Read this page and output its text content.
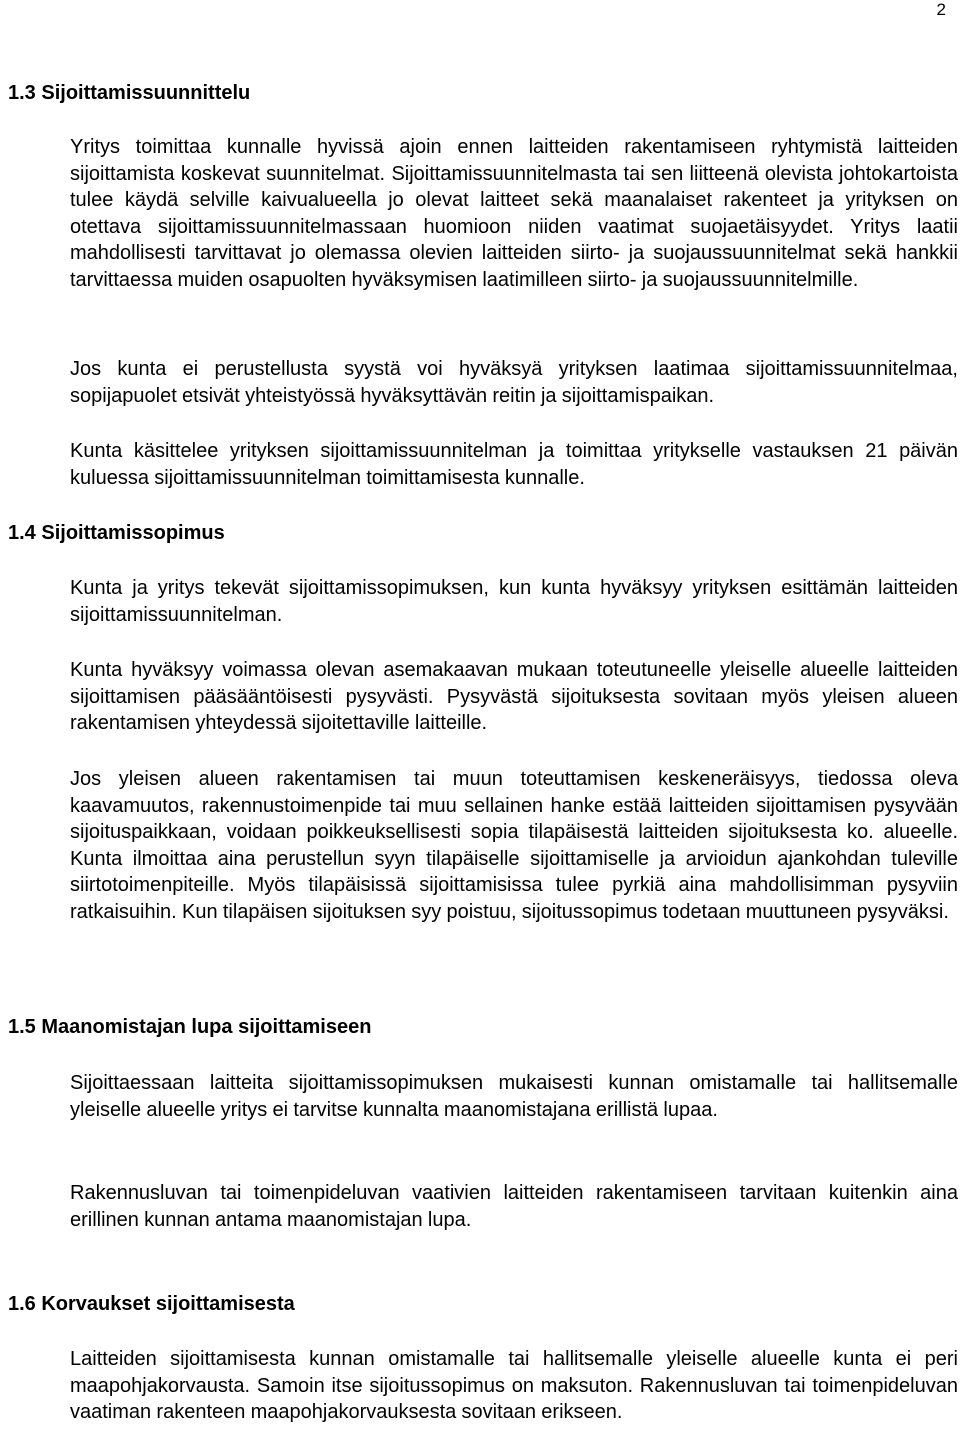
2
1.3 Sijoittamissuunnittelu

Yritys toimittaa kunnalle hyvissä ajoin ennen laitteiden rakentamiseen ryhtymistä laitteiden sijoittamista koskevat suunnitelmat. Sijoittamissuunnitelmasta tai sen liitteenä olevista johtokartoista tulee käydä selville kaivualueella jo olevat laitteet sekä maanalaiset rakenteet ja yrityksen on otettava sijoittamissuunnitelmassaan huomioon niiden vaatimat suojaetäisyydet. Yritys laatii mahdollisesti tarvittavat jo olemassa olevien laitteiden siirto- ja suojaussuunnitelmat sekä hankkii tarvittaessa muiden osapuolten hyväksymisen laatimilleen siirto- ja suojaussuunnitelmille.

Jos kunta ei perustellusta syystä voi hyväksyä yrityksen laatimaa sijoittamissuunnitelmaa, sopijapuolet etsivät yhteistyössä hyväksyttävän reitin ja sijoittamispaikan.

Kunta käsittelee yrityksen sijoittamissuunnitelman ja toimittaa yritykselle vastauksen 21 päivän kuluessa sijoittamissuunnitelman toimittamisesta kunnalle.

1.4 Sijoittamissopimus

Kunta ja yritys tekevät sijoittamissopimuksen, kun kunta hyväksyy yrityksen esittämän laitteiden sijoittamissuunnitelman.

Kunta hyväksyy voimassa olevan asemakaavan mukaan toteutuneelle yleiselle alueelle laitteiden sijoittamisen pääsääntöisesti pysyvästi. Pysyvästä sijoituksesta sovitaan myös yleisen alueen rakentamisen yhteydessä sijoitettaville laitteille.

Jos yleisen alueen rakentamisen tai muun toteuttamisen keskeneräisyys, tiedossa oleva kaavamuutos, rakennustoimenpide tai muu sellainen hanke estää laitteiden sijoittamisen pysyvään sijoituspaikkaan, voidaan poikkeuksellisesti sopia tilapäisestä laitteiden sijoituksesta ko. alueelle. Kunta ilmoittaa aina perustellun syyn tilapäiselle sijoittamiselle ja arvioidun ajankohdan tuleville siirtotoimenpiteille. Myös tilapäisissä sijoittamisissa tulee pyrkiä aina mahdollisimman pysyviin ratkaisuihin. Kun tilapäisen sijoituksen syy poistuu, sijoitussopimus todetaan muuttuneen pysyväksi.

1.5 Maanomistajan lupa sijoittamiseen

Sijoittaessaan laitteita sijoittamissopimuksen mukaisesti kunnan omistamalle tai hallitsemalle yleiselle alueelle yritys ei tarvitse kunnalta maanomistajana erillistä lupaa.

Rakennusluvan tai toimenpideluvan vaativien laitteiden rakentamiseen tarvitaan kuitenkin aina erillinen kunnan antama maanomistajan lupa.

1.6 Korvaukset sijoittamisesta

Laitteiden sijoittamisesta kunnan omistamalle tai hallitsemalle yleiselle alueelle kunta ei peri maapohjakorvausta. Samoin itse sijoitussopimus on maksuton. Rakennusluvan tai toimenpideluvan vaatiman rakenteen maapohjakorvauksesta sovitaan erikseen.
